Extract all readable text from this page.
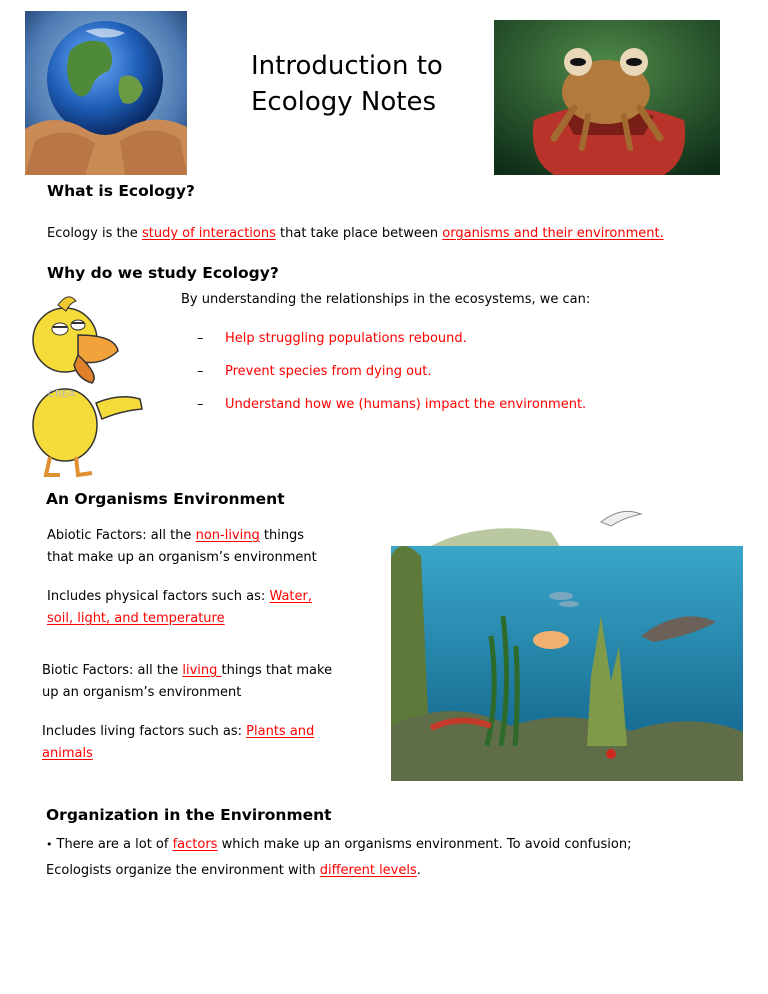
Introduction to
Ecology Notes
What is Ecology?
Ecology is the study of interactions that take place between organisms and their environment.
Why do we study Ecology?
CREA
By understanding the relationships in the ecosystems, we can:
– Help struggling populations rebound.
– Prevent species from dying out.
– Understand how we (humans) impact the environment.
An Organisms Environment
Abiotic Factors: all the non-living things
that make up an organism’s environment
Includes physical factors such as: Water,
soil, light, and temperature
Biotic Factors: all the living things that make
up an organism’s environment
Includes living factors such as: Plants and
animals
Organization in the Environment
• There are a lot of factors which make up an organisms environment. To avoid confusion;
Ecologists organize the environment with different levels.
